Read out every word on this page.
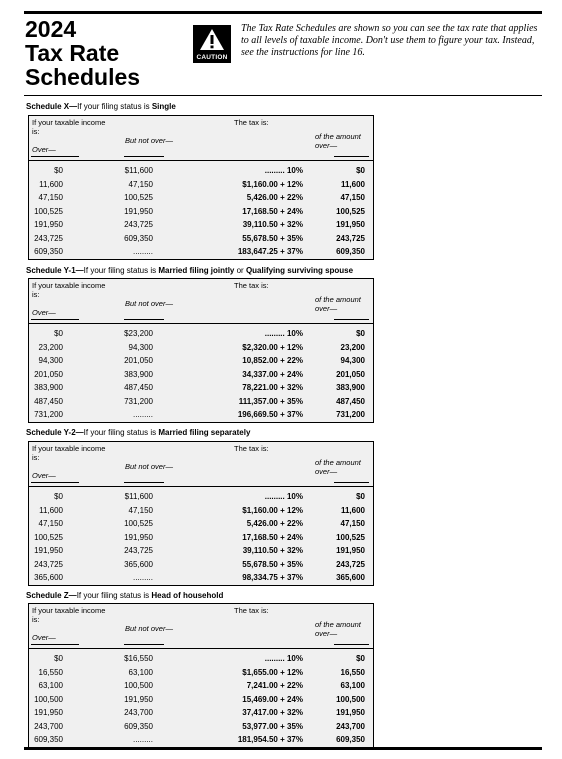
2024
Tax Rate
Schedules
CAUTION
The Tax Rate Schedules are shown so you can see the tax rate that applies to all levels of taxable income. Don't use them to figure your tax. Instead, see the instructions for line 16.
Schedule X—If your filing status is Single
If your taxable income is:
Over—
But not over—
The tax is:
of the amount over—
$0	$11,600	......... 10%	$0
11,600	47,150	$1,160.00 + 12%	11,600
47,150	100,525	5,426.00 + 22%	47,150
100,525	191,950	17,168.50 + 24%	100,525
191,950	243,725	39,110.50 + 32%	191,950
243,725	609,350	55,678.50 + 35%	243,725
609,350	.........	183,647.25 + 37%	609,350
Schedule Y-1—If your filing status is Married filing jointly or Qualifying surviving spouse
If your taxable income is:
Over—
But not over—
The tax is:
of the amount over—
$0	$23,200	......... 10%	$0
23,200	94,300	$2,320.00 + 12%	23,200
94,300	201,050	10,852.00 + 22%	94,300
201,050	383,900	34,337.00 + 24%	201,050
383,900	487,450	78,221.00 + 32%	383,900
487,450	731,200	111,357.00 + 35%	487,450
731,200	.........	196,669.50 + 37%	731,200
Schedule Y-2—If your filing status is Married filing separately
If your taxable income is:
Over—
But not over—
The tax is:
of the amount over—
$0	$11,600	......... 10%	$0
11,600	47,150	$1,160.00 + 12%	11,600
47,150	100,525	5,426.00 + 22%	47,150
100,525	191,950	17,168.50 + 24%	100,525
191,950	243,725	39,110.50 + 32%	191,950
243,725	365,600	55,678.50 + 35%	243,725
365,600	.........	98,334.75 + 37%	365,600
Schedule Z—If your filing status is Head of household
If your taxable income is:
Over—
But not over—
The tax is:
of the amount over—
$0	$16,550	......... 10%	$0
16,550	63,100	$1,655.00 + 12%	16,550
63,100	100,500	7,241.00 + 22%	63,100
100,500	191,950	15,469.00 + 24%	100,500
191,950	243,700	37,417.00 + 32%	191,950
243,700	609,350	53,977.00 + 35%	243,700
609,350	.........	181,954.50 + 37%	609,350
